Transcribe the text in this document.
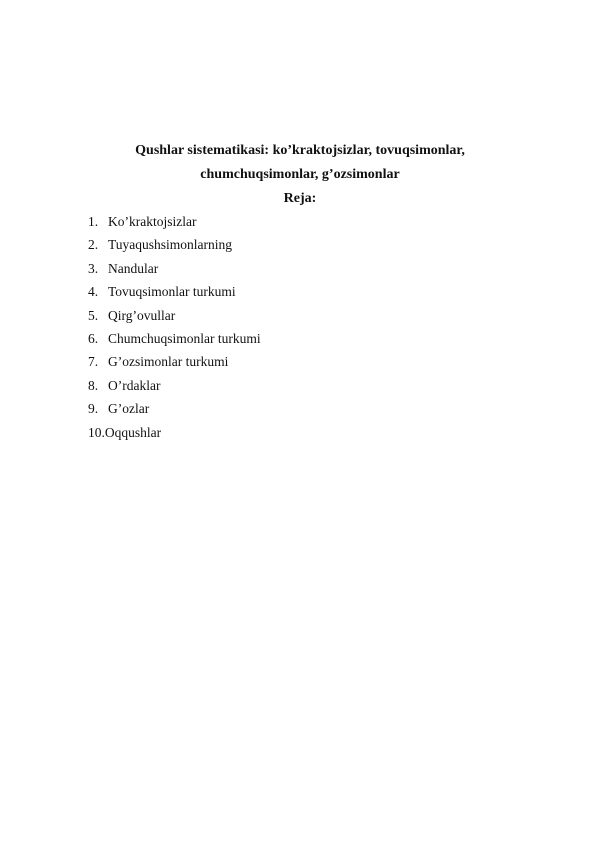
Qushlar sistematikasi: ko’kraktojsizlar, tovuqsimonlar,
chumchuqsimonlar, g’ozsimonlar
Reja:
1. Ko’kraktojsizlar
2. Tuyaqushsimonlarning
3. Nandular
4. Tovuqsimonlar turkumi
5. Qirg’ovullar
6. Chumchuqsimonlar turkumi
7. G’ozsimonlar turkumi
8. O’rdaklar
9. G’ozlar
10.Oqqushlar
